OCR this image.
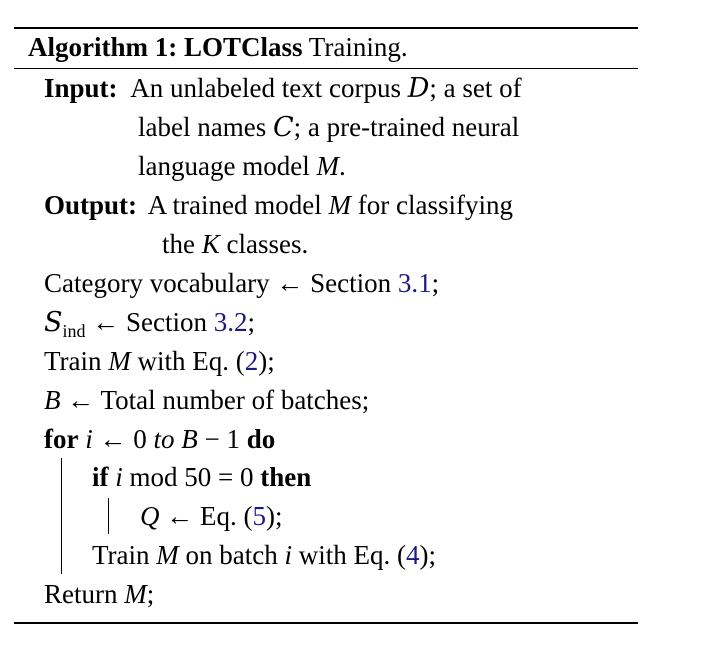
Algorithm 1: LOTClass Training.
Input: An unlabeled text corpus D; a set of
label names C; a pre-trained neural
language model M.
Output: A trained model M for classifying
the K classes.
Category vocabulary ← Section 3.1;
$S_{ind}$ ← Section 3.2;
Train M with Eq. (2);
B ← Total number of batches;
for i ← 0 to B − 1 do
if i mod 50 = 0 then
Q ← Eq. (5);
Train M on batch i with Eq. (4);
Return M;
